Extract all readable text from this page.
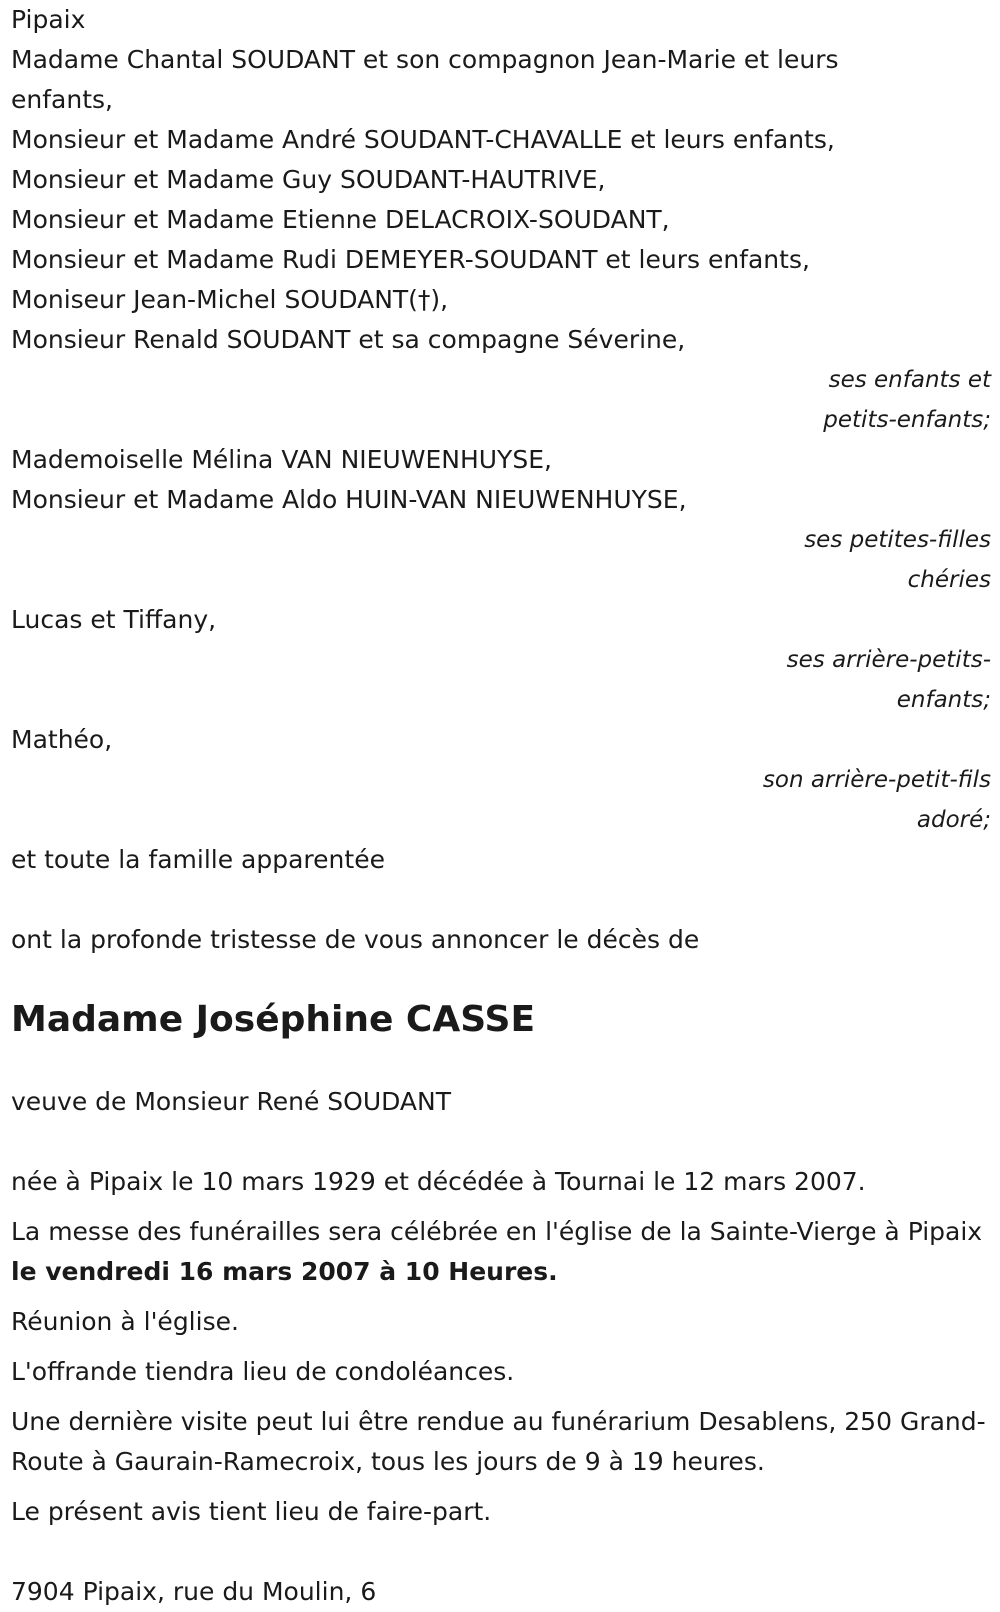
Pipaix
Madame Chantal SOUDANT et son compagnon Jean-Marie et leurs
enfants,
Monsieur et Madame André SOUDANT-CHAVALLE et leurs enfants,
Monsieur et Madame Guy SOUDANT-HAUTRIVE,
Monsieur et Madame Etienne DELACROIX-SOUDANT,
Monsieur et Madame Rudi DEMEYER-SOUDANT et leurs enfants,
Moniseur Jean-Michel SOUDANT(†),
Monsieur Renald SOUDANT et sa compagne Séverine,
ses enfants et
petits-enfants;
Mademoiselle Mélina VAN NIEUWENHUYSE,
Monsieur et Madame Aldo HUIN-VAN NIEUWENHUYSE,
ses petites-filles
chéries
Lucas et Tiffany,
ses arrière-petits-
enfants;
Mathéo,
son arrière-petit-fils
adoré;
et toute la famille apparentée
ont la profonde tristesse de vous annoncer le décès de
Madame Joséphine CASSE
veuve de Monsieur René SOUDANT
née à Pipaix le 10 mars 1929 et décédée à Tournai le 12 mars 2007.
La messe des funérailles sera célébrée en l'église de la Sainte-Vierge à Pipaix le vendredi 16 mars 2007 à 10 Heures.
Réunion à l'église.
L'offrande tiendra lieu de condoléances.
Une dernière visite peut lui être rendue au funérarium Desablens, 250 Grand-Route à Gaurain-Ramecroix, tous les jours de 9 à 19 heures.
Le présent avis tient lieu de faire-part.
7904 Pipaix, rue du Moulin, 6
